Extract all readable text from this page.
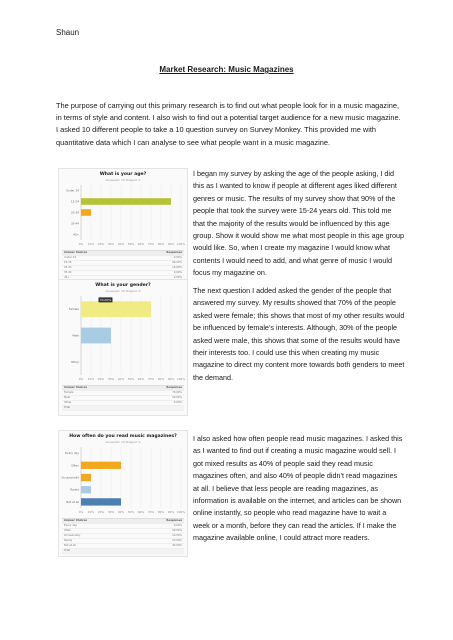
Shaun
Market Research: Music Magazines
The purpose of carrying out this primary research is to find out what people look for in a music magazine, in terms of style and content. I also wish to find out a potential target audience for a new music magazine. I asked 10 different people to take a 10 question survey on Survey Monkey. This provided me with quantitative data which I can analyse to see what people want in a music magazine.
I began my survey by asking the age of the people asking, I did this as I wanted to know if people at different ages liked different genres or music. The results of my survey show that 90% of the people that took the survey were 15-24 years old. This told me that the majority of the results would be influenced by this age group. Show it would show me what most people in this age group would like. So, when I create my magazine I would know what contents I would need to add, and what genre of music I would focus my magazine on.
The next question I added asked the gender of the people that answered my survey. My results showed that 70% of the people asked were female; this shows that most of my other results would be influenced by female’s interests. Although, 30% of the people asked were male, this shows that some of the results would have their interests too. I could use this when creating my music magazine to direct my content more towards both genders to meet the demand.
I also asked how often people read music magazines. I asked this as I wanted to find out if creating a music magazine would sell. I got mixed results as 40% of people said they read music magazines often, and also 40% of people didn’t read magazines at all. I believe that less people are reading magazines, as information is available on the internet, and articles can be shown online instantly, so people who read magazine have to wait a week or a month, before they can read the articles. If I make the magazine available online, I could attract more readers.
What is your age?
Answered: 10 Skipped: 0
0% 10% 20% 30% 40% 50% 60% 70% 80% 90% 100%
Under 14
15-24
25-34
35-44
45+
Answer Choices	Responses
Under 14	0.00%
15-24	90.00%
25-34	10.00%
35-44	0.00%
45+	0.00%
What is your gender?
Answered: 10 Skipped: 0
0% 10% 20% 30% 40% 50% 60% 70% 80% 90% 100%
Female
Male
Other
70.00%
Answer Choices	Responses
Female	70.00%
Male	30.00%
Other	0.00%
Total
How often do you read music magazines?
Answered: 10 Skipped: 0
0% 10% 20% 30% 40% 50% 60% 70% 80% 90% 100%
Every day
Often
Occasionally
Rarely
Not at all
Answer Choices	Responses
Every day	0.00%
Often	40.00%
Occasionally	10.00%
Rarely	10.00%
Not at all	40.00%
Total
